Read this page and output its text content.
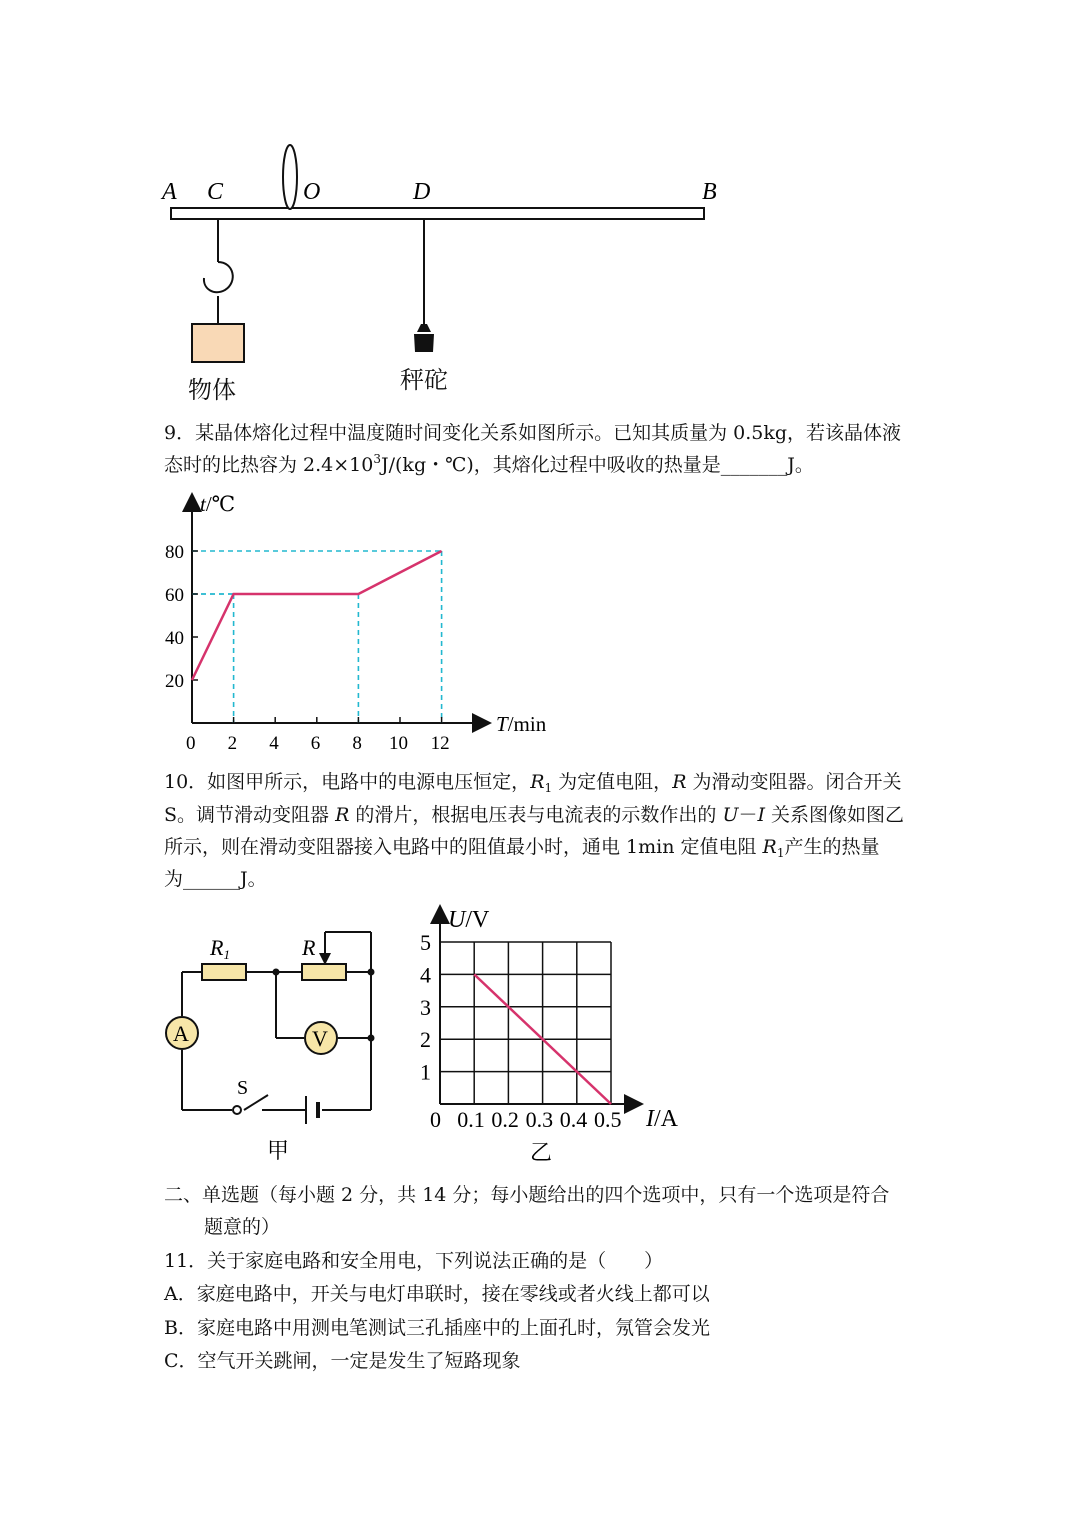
A C	O	D	B
物体	秤砣
9．某晶体熔化过程中温度随时间变化关系如图所示。已知其质量为 0.5kg，若该晶体液
态时的比热容为 $2.4\times 10^3J/(kg$・℃)，其熔化过程中吸收的热量是_______J。
0 2 4 6 8 10 12
20
40
60
80
t/℃
T/min
10．如图甲所示，电路中的电源电压恒定，$R_1$ 为定值电阻，R 为滑动变阻器。闭合开关
S。调节滑动变阻器 R 的滑片，根据电压表与电流表的示数作出的 U－I 关系图像如图乙
所示，则在滑动变阻器接入电路中的阻值最小时，通电 1min 定值电阻 $R_1$产生的热量
为______J。
A	V
R1	R
S
甲
1
2
3
4
5
0 0.1 0.2 0.3 0.4 0.5
U/V
I/A
乙
二、单选题（每小题 2 分，共 14 分；每小题给出的四个选项中，只有一个选项是符合
题意的）
11．关于家庭电路和安全用电，下列说法正确的是（　　）
A．家庭电路中，开关与电灯串联时，接在零线或者火线上都可以
B．家庭电路中用测电笔测试三孔插座中的上面孔时，氖管会发光
C．空气开关跳闸，一定是发生了短路现象
